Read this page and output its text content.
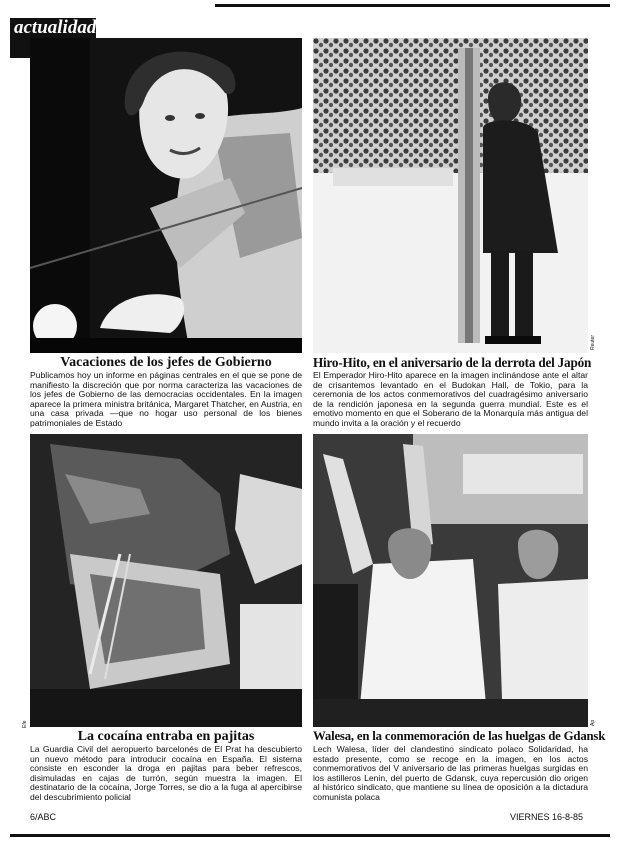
actualidad
Reuter
Vacaciones de los jefes de Gobierno
Publicamos hoy un informe en páginas centrales en el que se pone de manifiesto la discreción que por norma caracteriza las vacaciones de los jefes de Gobierno de las democracias occidentales. En la imagen aparece la primera ministra británica, Margaret Thatcher, en Austria, en una casa privada —que no hogar uso personal de los bienes patrimoniales de Estado
Hiro-Hito, en el aniversario de la derrota del Japón
El Emperador Hiro-Hito aparece en la imagen inclinándose ante el altar de crisantemos levantado en el Budokan Hall, de Tokio, para la ceremonia de los actos conmemorativos del cuadragésimo aniversario de la rendición japonesa en la segunda guerra mundial. Este es el emotivo momento en que el Soberano de la Monarquía más antigua del mundo invita a la oración y el recuerdo
Efe	Ap
La cocaína entraba en pajitas
La Guardia Civil del aeropuerto barcelonés de El Prat ha descubierto un nuevo método para introducir cocaína en España. El sistema consiste en esconder la droga en pajitas para beber refrescos, disimuladas en cajas de turrón, según muestra la imagen. El destinatario de la cocaína, Jorge Torres, se dio a la fuga al apercibirse del descubrimiento policial
Walesa, en la conmemoración de las huelgas de Gdansk
Lech Walesa, líder del clandestino sindicato polaco Solidaridad, ha estado presente, como se recoge en la imagen, en los actos conmemorativos del V aniversario de las primeras huelgas surgidas en los astilleros Lenin, del puerto de Gdansk, cuya repercusión dio origen al histórico sindicato, que mantiene su línea de oposición a la dictadura comunista polaca
6/ABC	VIERNES 16-8-85
